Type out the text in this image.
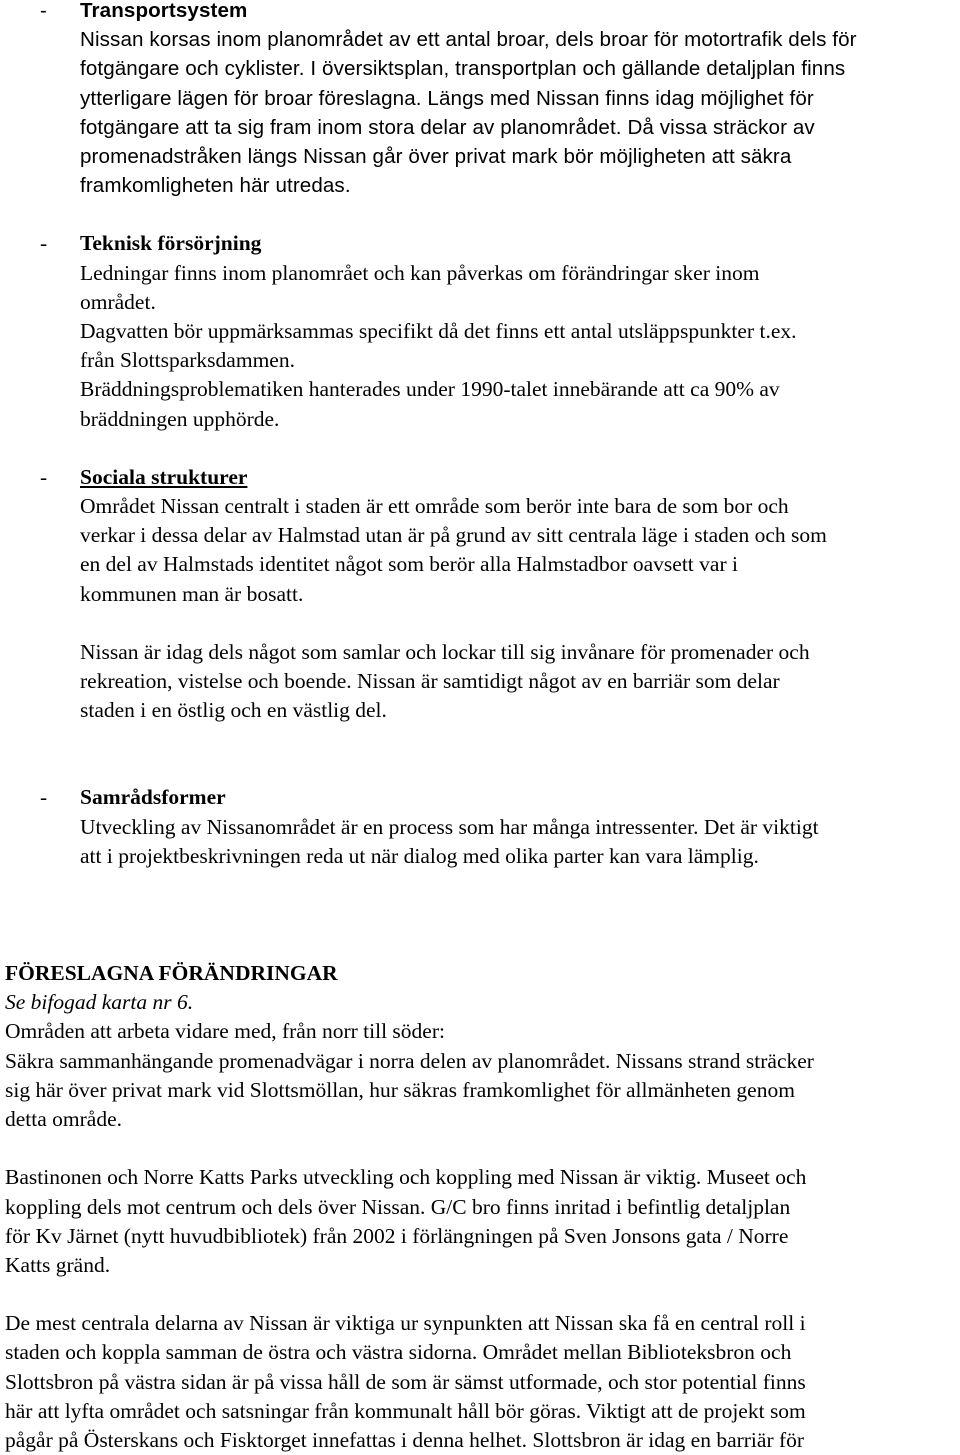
- Transportsystem
Nissan korsas inom planområdet av ett antal broar, dels broar för motortrafik dels för
fotgängare och cyklister. I översiktsplan, transportplan och gällande detaljplan finns
ytterligare lägen för broar föreslagna. Längs med Nissan finns idag möjlighet för
fotgängare att ta sig fram inom stora delar av planområdet. Då vissa sträckor av
promenadstråken längs Nissan går över privat mark bör möjligheten att säkra
framkomligheten här utredas.
- Teknisk försörjning
Ledningar finns inom planområet och kan påverkas om förändringar sker inom
området.
Dagvatten bör uppmärksammas specifikt då det finns ett antal utsläppspunkter t.ex.
från Slottsparksdammen.
Bräddningsproblematiken hanterades under 1990-talet innebärande att ca 90% av
bräddningen upphörde.
- Sociala strukturer
Området Nissan centralt i staden är ett område som berör inte bara de som bor och
verkar i dessa delar av Halmstad utan är på grund av sitt centrala läge i staden och som
en del av Halmstads identitet något som berör alla Halmstadbor oavsett var i
kommunen man är bosatt.
Nissan är idag dels något som samlar och lockar till sig invånare för promenader och
rekreation, vistelse och boende. Nissan är samtidigt något av en barriär som delar
staden i en östlig och en västlig del.
- Samrådsformer
Utveckling av Nissanområdet är en process som har många intressenter. Det är viktigt
att i projektbeskrivningen reda ut när dialog med olika parter kan vara lämplig.
FÖRESLAGNA FÖRÄNDRINGAR
Se bifogad karta nr 6.
Områden att arbeta vidare med, från norr till söder:
Säkra sammanhängande promenadvägar i norra delen av planområdet. Nissans strand sträcker
sig här över privat mark vid Slottsmöllan, hur säkras framkomlighet för allmänheten genom
detta område.
Bastinonen och Norre Katts Parks utveckling och koppling med Nissan är viktig. Museet och
koppling dels mot centrum och dels över Nissan. G/C bro finns inritad i befintlig detaljplan
för Kv Järnet (nytt huvudbibliotek) från 2002 i förlängningen på Sven Jonsons gata / Norre
Katts gränd.
De mest centrala delarna av Nissan är viktiga ur synpunkten att Nissan ska få en central roll i
staden och koppla samman de östra och västra sidorna. Området mellan Biblioteksbron och
Slottsbron på västra sidan är på vissa håll de som är sämst utformade, och stor potential finns
här att lyfta området och satsningar från kommunalt håll bör göras. Viktigt att de projekt som
pågår på Österskans och Fisktorget innefattas i denna helhet. Slottsbron är idag en barriär för
